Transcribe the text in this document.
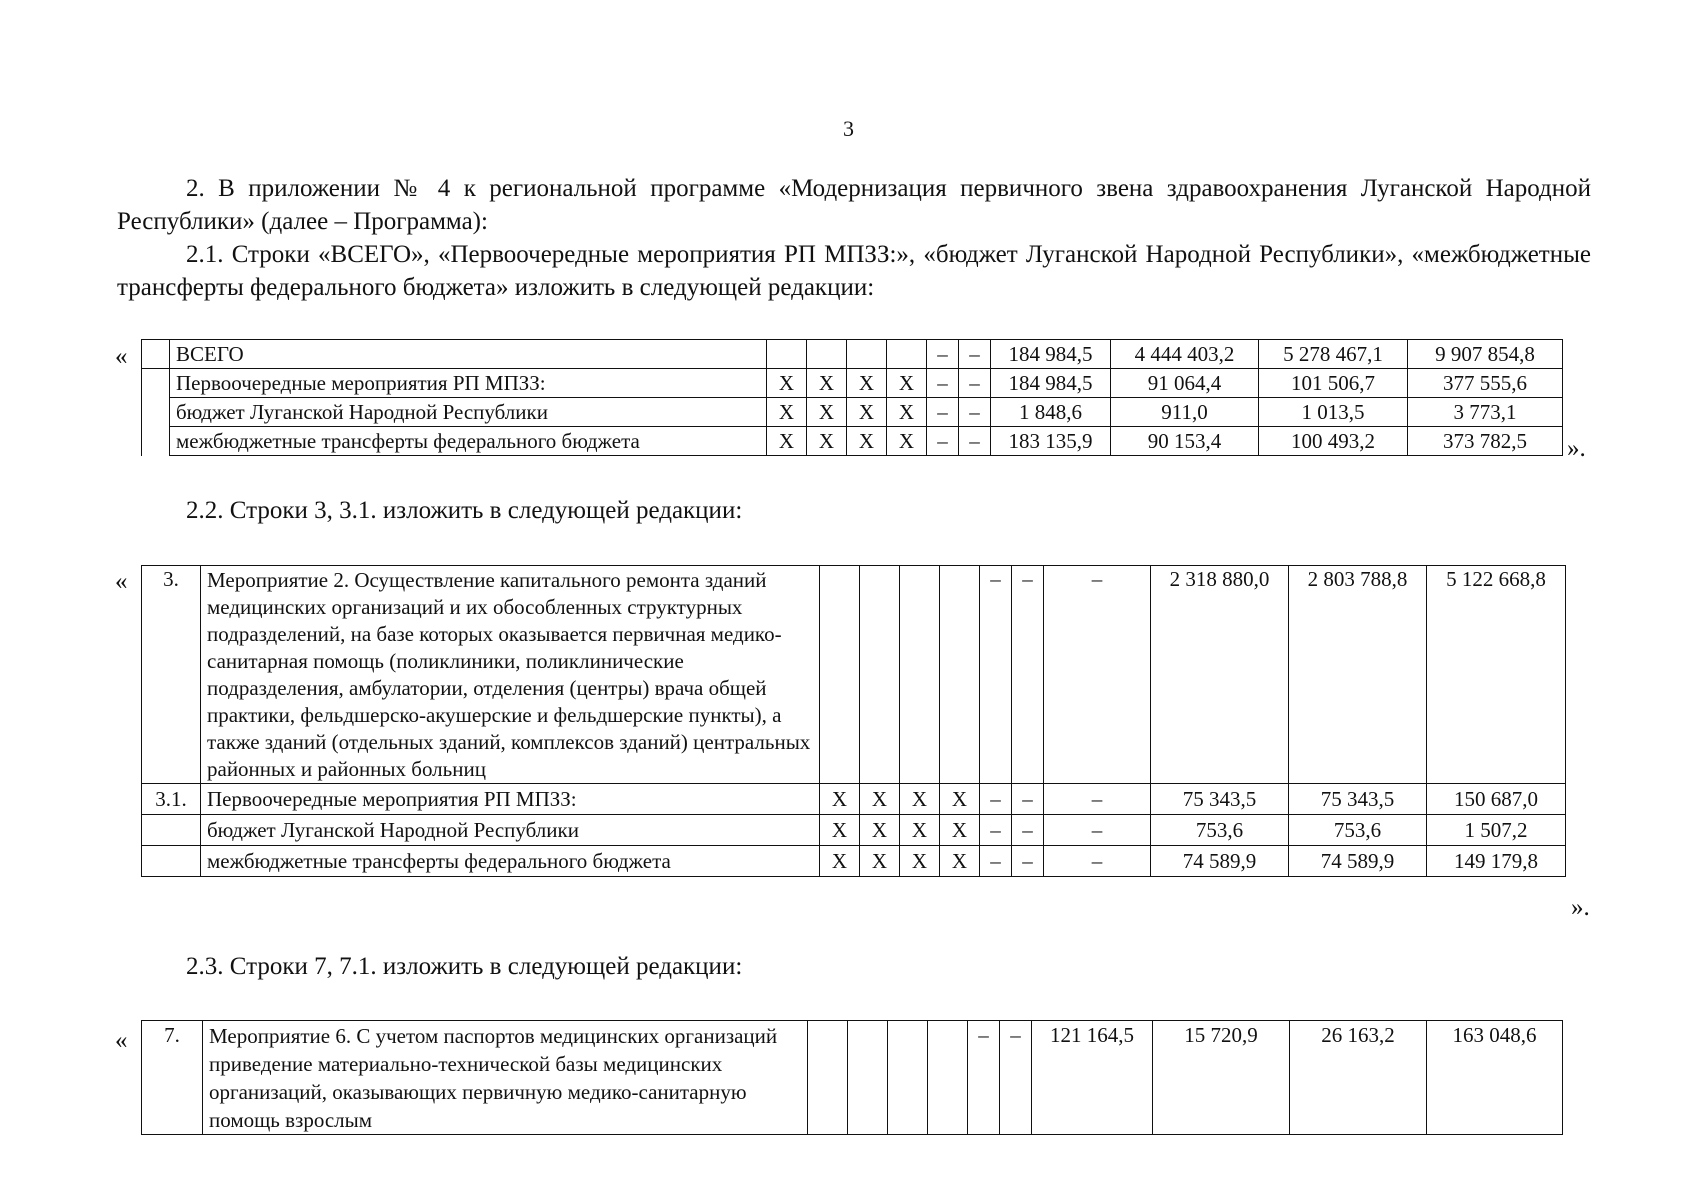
3

2. В приложении № 4 к региональной программе «Модернизация первичного звена здравоохранения Луганской Народной Республики» (далее – Программа):

2.1. Строки «ВСЕГО», «Первоочередные мероприятия РП МПЗЗ:», «бюджет Луганской Народной Республики», «межбюджетные трансферты федерального бюджета» изложить в следующей редакции:

«
	ВСЕГО					–	–	184 984,5	4 444 403,2	5 278 467,1	9 907 854,8
	Первоочередные мероприятия РП МПЗЗ:	X	X	X	X	–	–	184 984,5	91 064,4	101 506,7	377 555,6
	бюджет Луганской Народной Республики	X	X	X	X	–	–	1 848,6	911,0	1 013,5	3 773,1
	межбюджетные трансферты федерального бюджета	X	X	X	X	–	–	183 135,9	90 153,4	100 493,2	373 782,5 ».

2.2. Строки 3, 3.1. изложить в следующей редакции:

« 3.	Мероприятие 2. Осуществление капитального ремонта зданий медицинских организаций и их обособленных структурных подразделений, на базе которых оказывается первичная медико-санитарная помощь (поликлиники, поликлинические подразделения, амбулатории, отделения (центры) врача общей практики, фельдшерско-акушерские и фельдшерские пункты), а также зданий (отдельных зданий, комплексов зданий) центральных районных и районных больниц					–	–	–	2 318 880,0	2 803 788,8	5 122 668,8
3.1.	Первоочередные мероприятия РП МПЗЗ:	X	X	X	X	–	–	–	75 343,5	75 343,5	150 687,0
	бюджет Луганской Народной Республики	X	X	X	X	–	–	–	753,6	753,6	1 507,2
	межбюджетные трансферты федерального бюджета	X	X	X	X	–	–	–	74 589,9	74 589,9	149 179,8
».

2.3. Строки 7, 7.1. изложить в следующей редакции:

« 7.	Мероприятие 6. С учетом паспортов медицинских организаций приведение материально-технической базы медицинских организаций, оказывающих первичную медико-санитарную помощь взрослым					–	–	121 164,5	15 720,9	26 163,2	163 048,6
